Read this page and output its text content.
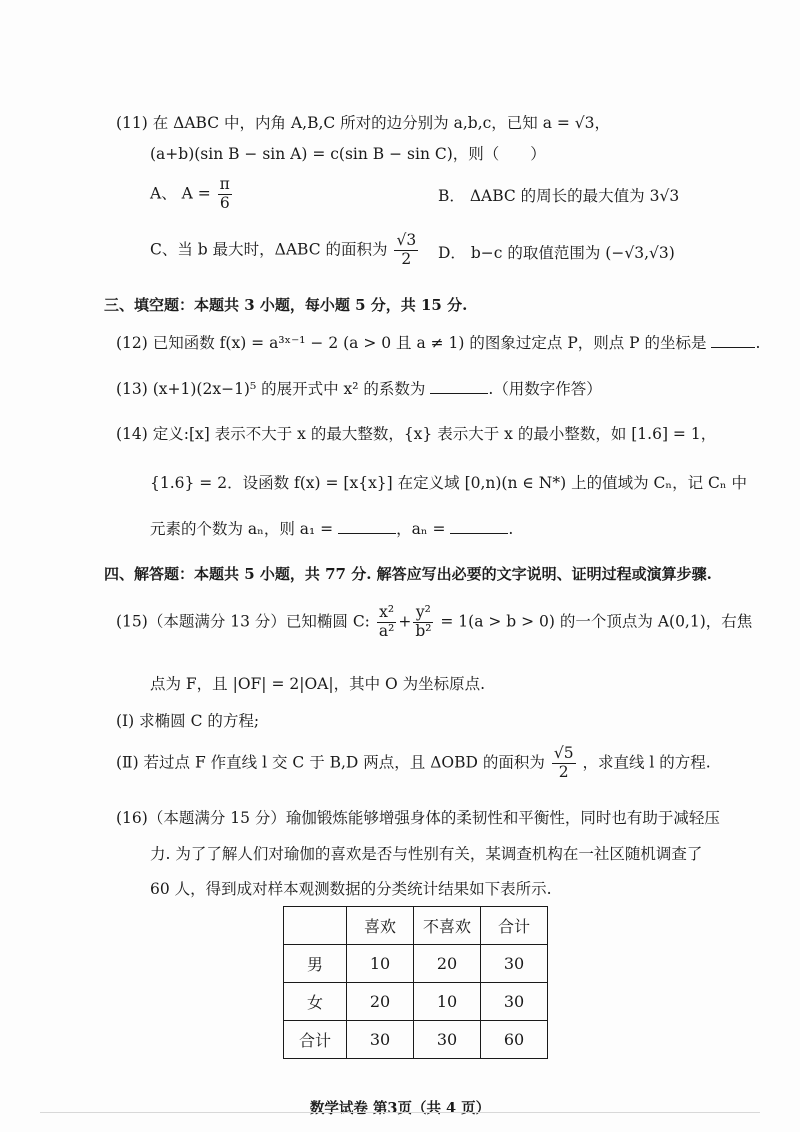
(11) 在 ΔABC 中，内角 A,B,C 所对的边分别为 a,b,c，已知 a = √3，
(a+b)(sin B − sin A) = c(sin B − sin C)，则（　　）
A、 $A = \frac{\pi}{6}$	B． ΔABC 的周长的最大值为 3√3
C、当 b 最大时，ΔABC 的面积为 $\frac{√3}{2}$ D． b−c 的取值范围为 (−√3,√3)
三、填空题：本题共 3 小题，每小题 5 分，共 15 分.
(12) 已知函数 f(x) = a³ˣ⁻¹ − 2 (a > 0 且 a ≠ 1) 的图象过定点 P，则点 P 的坐标是	.
(13) (x+1)(2x−1)⁵ 的展开式中 x² 的系数为	.（用数字作答）
(14) 定义:[x] 表示不大于 x 的最大整数，{x} 表示大于 x 的最小整数，如 [1.6] = 1，
{1.6} = 2．设函数 f(x) = [x{x}] 在定义域 [0,n)(n ∈ N*) 上的值域为 Cₙ，记 Cₙ 中
元素的个数为 aₙ，则 a₁ =	，aₙ =	.
四、解答题：本题共 5 小题，共 77 分. 解答应写出必要的文字说明、证明过程或演算步骤.
(15)（本题满分 13 分）已知椭圆 C: $\frac{\text{x²}}{\text{a²}} + \frac{\text{y²}}{\text{b²}} = 1(a > b > 0)$ 的一个顶点为 A(0,1)，右焦
点为 F，且 |OF| = 2|OA|，其中 O 为坐标原点.
(Ⅰ) 求椭圆 C 的方程;
(Ⅱ) 若过点 F 作直线 l 交 C 于 B,D 两点，且 ΔOBD 的面积为 $\frac{√5}{2}$ ，求直线 l 的方程.
(16)（本题满分 15 分）瑜伽锻炼能够增强身体的柔韧性和平衡性，同时也有助于减轻压
力. 为了了解人们对瑜伽的喜欢是否与性别有关，某调查机构在一社区随机调查了
60 人，得到成对样本观测数据的分类统计结果如下表所示.
	喜欢	不喜欢	合计
男	10	20	30
女	20	10	30
合计	30	30	60
数学试卷 第3页（共 4 页）
